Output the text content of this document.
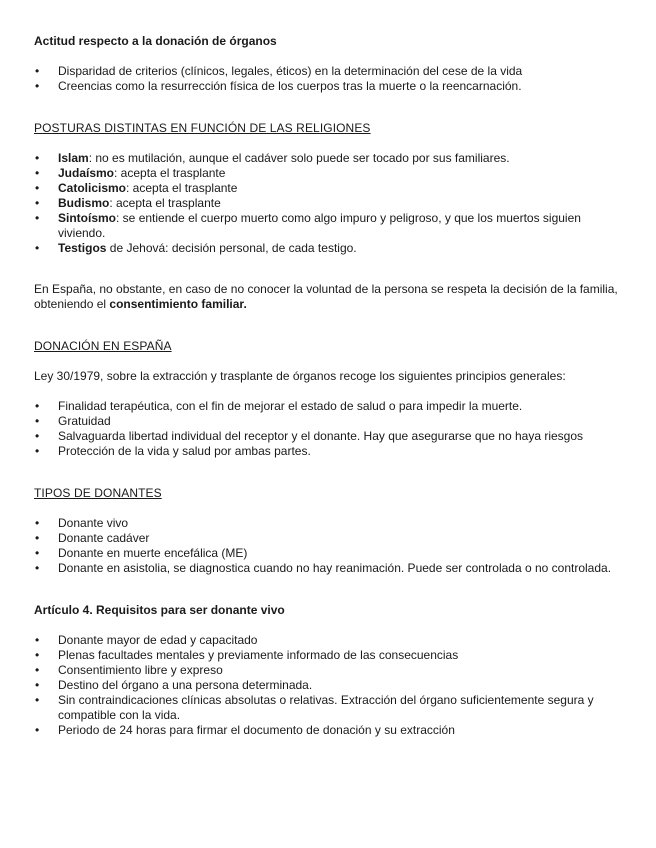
Actitud respecto a la donación de órganos

• Disparidad de criterios (clínicos, legales, éticos) en la determinación del cese de la vida
• Creencias como la resurrección física de los cuerpos tras la muerte o la reencarnación.

POSTURAS DISTINTAS EN FUNCIÓN DE LAS RELIGIONES

• Islam: no es mutilación, aunque el cadáver solo puede ser tocado por sus familiares.
• Judaísmo: acepta el trasplante
• Catolicismo: acepta el trasplante
• Budismo: acepta el trasplante
• Sintoísmo: se entiende el cuerpo muerto como algo impuro y peligroso, y que los muertos siguien viviendo.
• Testigos de Jehová: decisión personal, de cada testigo.

En España, no obstante, en caso de no conocer la voluntad de la persona se respeta la decisión de la familia, obteniendo el consentimiento familiar.

DONACIÓN EN ESPAÑA

Ley 30/1979, sobre la extracción y trasplante de órganos recoge los siguientes principios generales:

• Finalidad terapéutica, con el fin de mejorar el estado de salud o para impedir la muerte.
• Gratuidad
• Salvaguarda libertad individual del receptor y el donante. Hay que asegurarse que no haya riesgos
• Protección de la vida y salud por ambas partes.

TIPOS DE DONANTES

• Donante vivo
• Donante cadáver
• Donante en muerte encefálica (ME)
• Donante en asistolia, se diagnostica cuando no hay reanimación. Puede ser controlada o no controlada.

Artículo 4. Requisitos para ser donante vivo

• Donante mayor de edad y capacitado
• Plenas facultades mentales y previamente informado de las consecuencias
• Consentimiento libre y expreso
• Destino del órgano a una persona determinada.
• Sin contraindicaciones clínicas absolutas o relativas. Extracción del órgano suficientemente segura y compatible con la vida.
• Periodo de 24 horas para firmar el documento de donación y su extracción
